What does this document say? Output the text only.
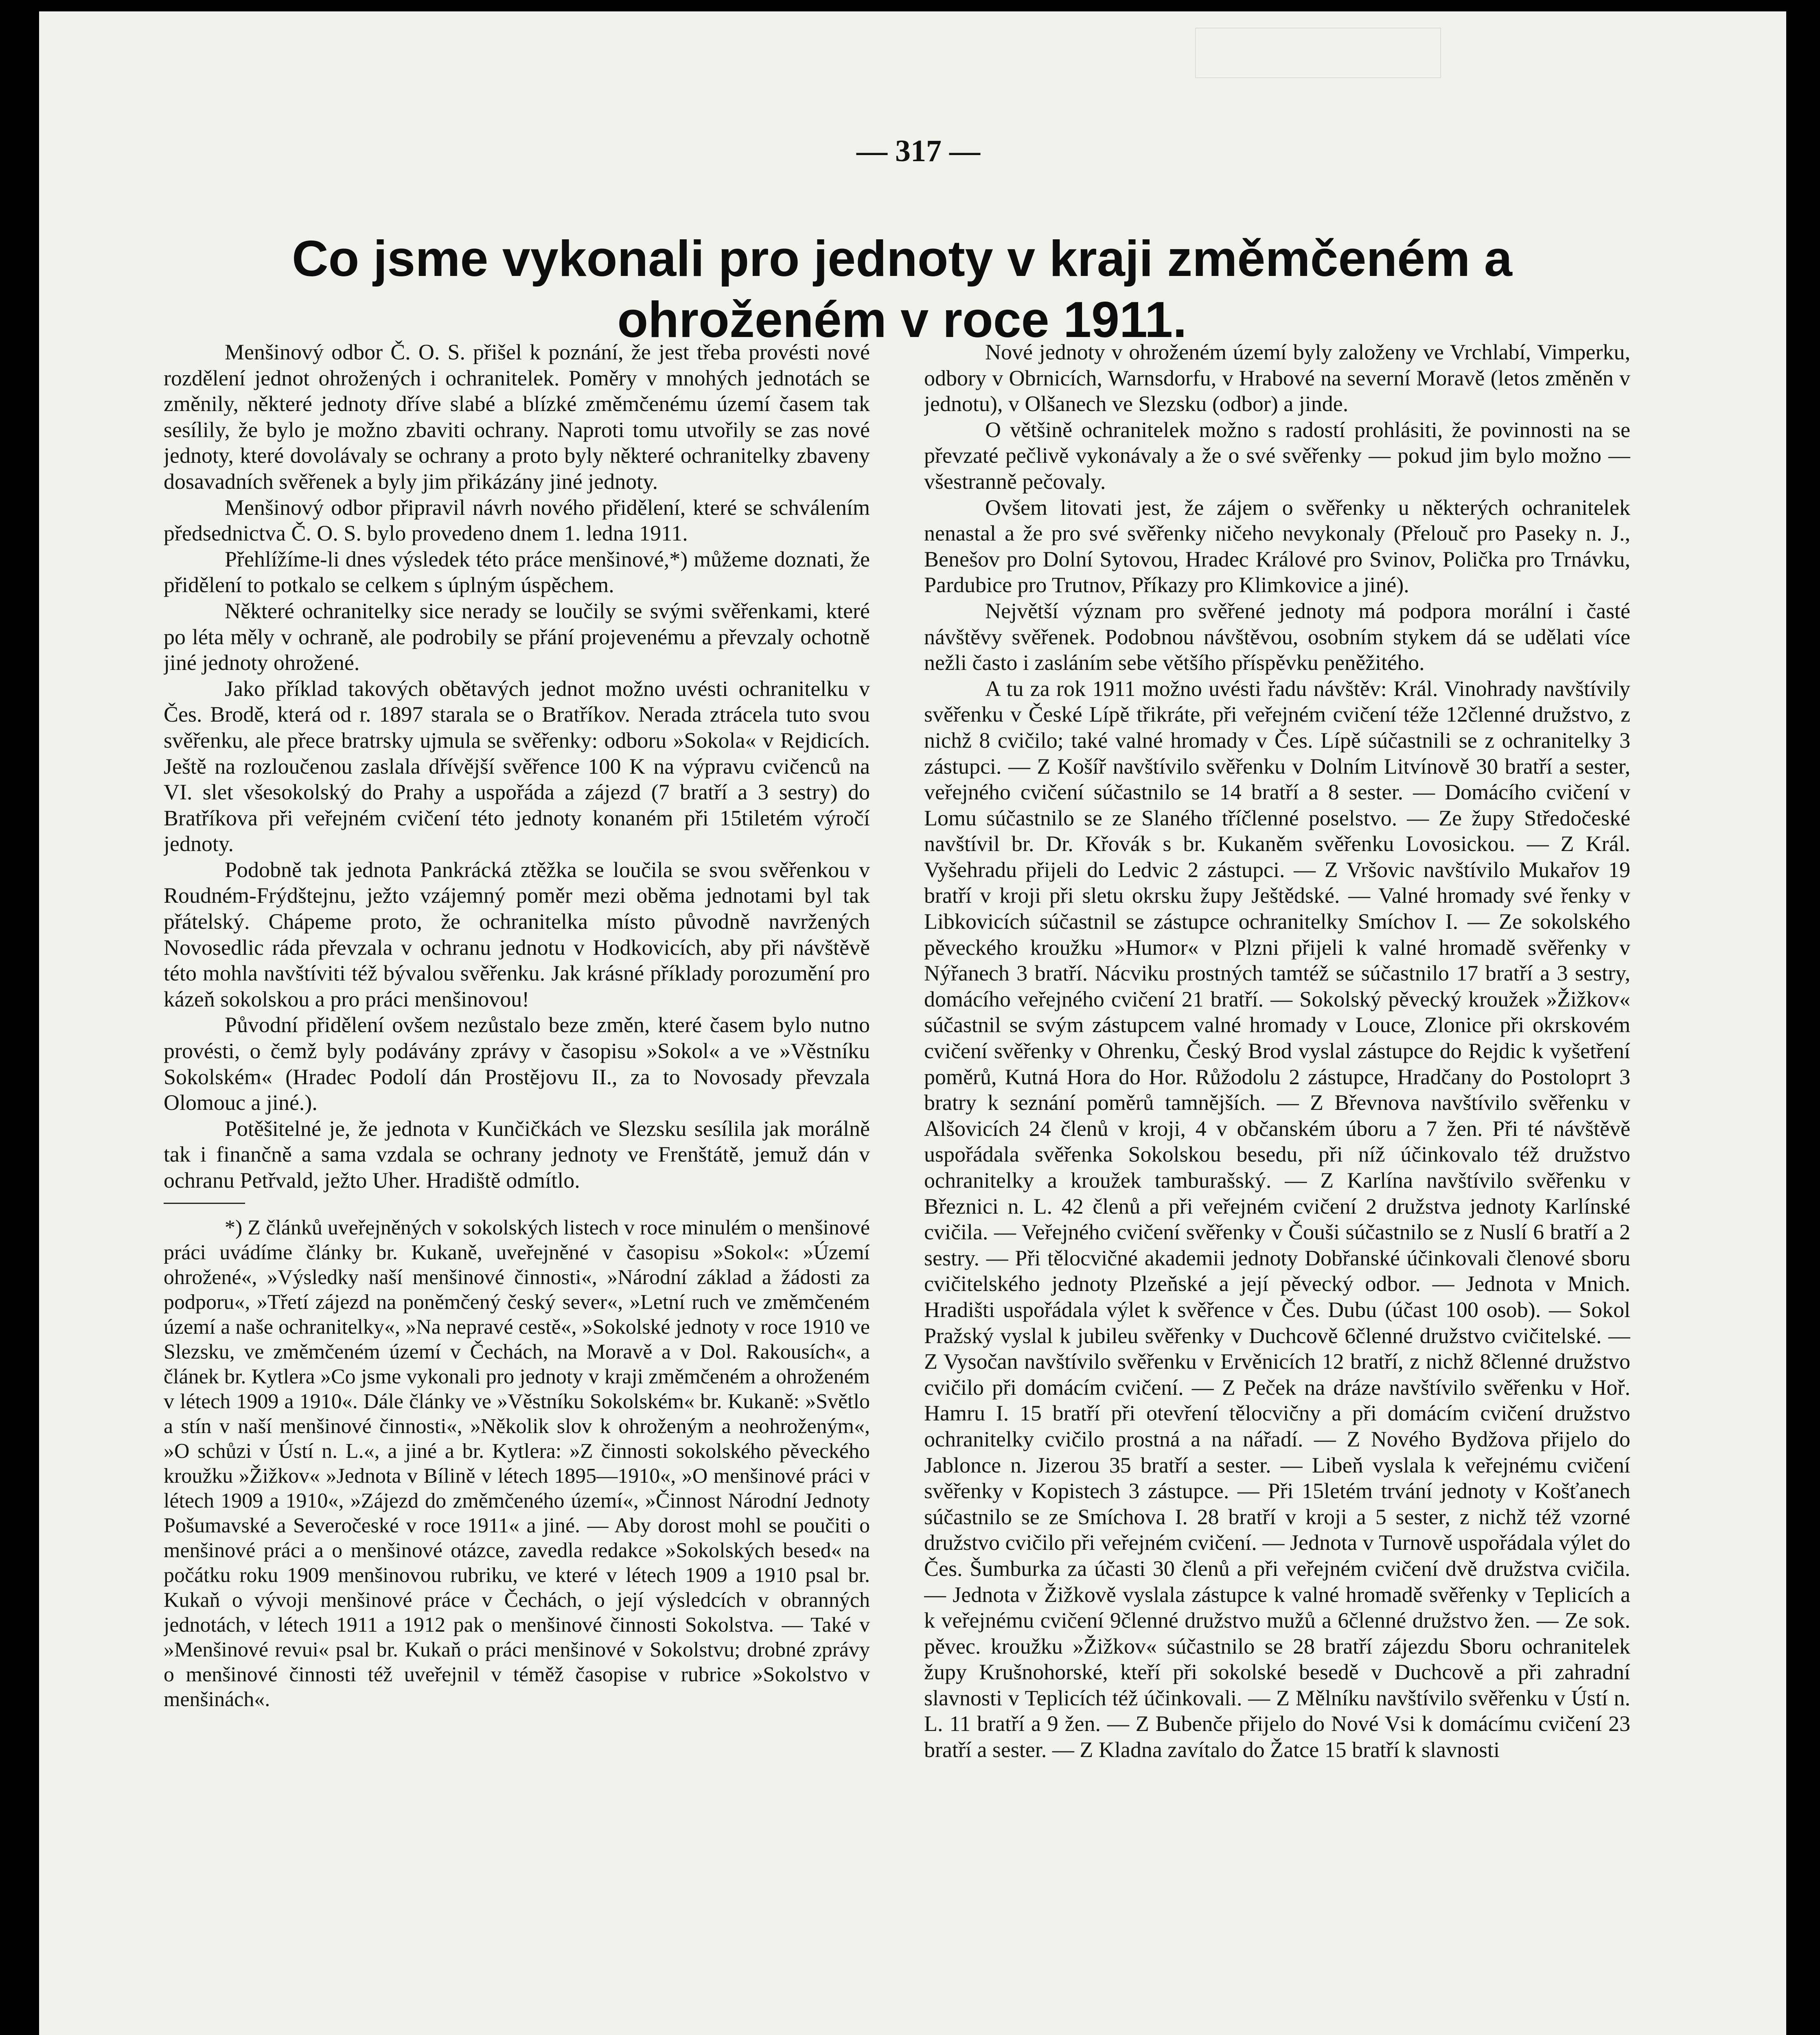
— 317 —
Co jsme vykonali pro jednoty v kraji změmčeném a ohroženém v roce 1911.

Menšinový odbor Č. O. S. přišel k poznání, že jest třeba provésti nové rozdělení jednot ohrožených i ochranitelek. Poměry v mnohých jednotách se změnily, některé jednoty dříve slabé a blízké změmčenému území časem tak sesílily, že bylo je možno zbaviti ochrany. Naproti tomu utvořily se zas nové jednoty, které dovolávaly se ochrany a proto byly některé ochranitelky zbaveny dosavadních svěřenek a byly jim přikázány jiné jednoty.

Menšinový odbor připravil návrh nového přidělení, které se schválením předsednictva Č. O. S. bylo provedeno dnem 1. ledna 1911.

Přehlížíme-li dnes výsledek této práce menšinové,*) můžeme doznati, že přidělení to potkalo se celkem s úplným úspěchem.

Některé ochranitelky sice nerady se loučily se svými svěřenkami, které po léta měly v ochraně, ale podrobily se přání projevenému a převzaly ochotně jiné jednoty ohrožené.

Jako příklad takových obětavých jednot možno uvésti ochranitelku v Čes. Brodě, která od r. 1897 starala se o Bratříkov. Nerada ztrácela tuto svou svěřenku, ale přece bratrsky ujmula se svěřenky: odboru »Sokola« v Rejdicích. Ještě na rozloučenou zaslala dřívější svěřence 100 K na výpravu cvičenců na VI. slet všesokolský do Prahy a uspořáda a zájezd (7 bratří a 3 sestry) do Bratříkova při veřejném cvičení této jednoty konaném při 15tiletém výročí jednoty.

Podobně tak jednota Pankrácká ztěžka se loučila se svou svěřenkou v Roudném-Frýdštejnu, ježto vzájemný poměr mezi oběma jednotami byl tak přátelský. Chápeme proto, že ochranitelka místo původně navržených Novosedlic ráda převzala v ochranu jednotu v Hodkovicích, aby při návštěvě této mohla navštíviti též bývalou svěřenku. Jak krásné příklady porozumění pro kázeň sokolskou a pro práci menšinovou!

Původní přidělení ovšem nezůstalo beze změn, které časem bylo nutno provésti, o čemž byly podávány zprávy v časopisu »Sokol« a ve »Věstníku Sokolském« (Hradec Podolí dán Prostějovu II., za to Novosady převzala Olomouc a jiné.).

Potěšitelné je, že jednota v Kunčičkách ve Slezsku sesílila jak morálně tak i finančně a sama vzdala se ochrany jednoty ve Frenštátě, jemuž dán v ochranu Petřvald, ježto Uher. Hradiště odmítlo.

*) Z článků uveřejněných v sokolských listech v roce minulém o menšinové práci uvádíme články br. Kukaně, uveřejněné v časopisu »Sokol«: »Území ohrožené«, »Výsledky naší menšinové činnosti«, »Národní základ a žádosti za podporu«, »Třetí zájezd na poněmčený český sever«, »Letní ruch ve změmčeném území a naše ochranitelky«, »Na nepravé cestě«, »Sokolské jednoty v roce 1910 ve Slezsku, ve změmčeném území v Čechách, na Moravě a v Dol. Rakousích«, a článek br. Kytlera »Co jsme vykonali pro jednoty v kraji změmčeném a ohroženém v létech 1909 a 1910«. Dále články ve »Věstníku Sokolském« br. Kukaně: »Světlo a stín v naší menšinové činnosti«, »Několik slov k ohroženým a neohroženým«, »O schůzi v Ústí n. L.«, a jiné a br. Kytlera: »Z činnosti sokolského pěveckého kroužku »Žižkov« »Jednota v Bílině v létech 1895—1910«, »O menšinové práci v létech 1909 a 1910«, »Zájezd do změmčeného území«, »Činnost Národní Jednoty Pošumavské a Severočeské v roce 1911« a jiné. — Aby dorost mohl se poučiti o menšinové práci a o menšinové otázce, zavedla redakce »Sokolských besed« na počátku roku 1909 menšinovou rubriku, ve které v létech 1909 a 1910 psal br. Kukaň o vývoji menšinové práce v Čechách, o její výsledcích v obranných jednotách, v létech 1911 a 1912 pak o menšinové činnosti Sokolstva. — Také v »Menšinové revui« psal br. Kukaň o práci menšinové v Sokolstvu; drobné zprávy o menšinové činnosti též uveřejnil v téměž časopise v rubrice »Sokolstvo v menšinách«.

Nové jednoty v ohroženém území byly založeny ve Vrchlabí, Vimperku, odbory v Obrnicích, Warnsdorfu, v Hrabové na severní Moravě (letos změněn v jednotu), v Olšanech ve Slezsku (odbor) a jinde.

O většině ochranitelek možno s radostí prohlásiti, že povinnosti na se převzaté pečlivě vykonávaly a že o své svěřenky — pokud jim bylo možno — všestranně pečovaly.

Ovšem litovati jest, že zájem o svěřenky u některých ochranitelek nenastal a že pro své svěřenky ničeho nevykonaly (Přelouč pro Paseky n. J., Benešov pro Dolní Sytovou, Hradec Králové pro Svinov, Polička pro Trnávku, Pardubice pro Trutnov, Příkazy pro Klimkovice a jiné).

Největší význam pro svěřené jednoty má podpora morální i časté návštěvy svěřenek. Podobnou návštěvou, osobním stykem dá se udělati více nežli často i zasláním sebe většího příspěvku peněžitého.

A tu za rok 1911 možno uvésti řadu návštěv: Král. Vinohrady navštívily svěřenku v České Lípě třikráte, při veřejném cvičení téže 12členné družstvo, z nichž 8 cvičilo; také valné hromady v Čes. Lípě súčastnili se z ochranitelky 3 zástupci. — Z Košíř navštívilo svěřenku v Dolním Litvínově 30 bratří a sester, veřejného cvičení súčastnilo se 14 bratří a 8 sester. — Domácího cvičení v Lomu súčastnilo se ze Slaného tříčlenné poselstvo. — Ze župy Středočeské navštívil br. Dr. Křovák s br. Kukaněm svěřenku Lovosickou. — Z Král. Vyšehradu přijeli do Ledvic 2 zástupci. — Z Vršovic navštívilo Mukařov 19 bratří v kroji při sletu okrsku župy Ještědské. — Valné hromady své řenky v Libkovicích súčastnil se zástupce ochranitelky Smíchov I. — Ze sokolského pěveckého kroužku »Humor« v Plzni přijeli k valné hromadě svěřenky v Nýřanech 3 bratří. Nácviku prostných tamtéž se súčastnilo 17 bratří a 3 sestry, domácího veřejného cvičení 21 bratří. — Sokolský pěvecký kroužek »Žižkov« súčastnil se svým zástupcem valné hromady v Louce, Zlonice při okrskovém cvičení svěřenky v Ohrenku, Český Brod vyslal zástupce do Rejdic k vyšetření poměrů, Kutná Hora do Hor. Růžodolu 2 zástupce, Hradčany do Postoloprt 3 bratry k seznání poměrů tamnějších. — Z Břevnova navštívilo svěřenku v Alšovicích 24 členů v kroji, 4 v občanském úboru a 7 žen. Při té návštěvě uspořádala svěřenka Sokolskou besedu, při níž účinkovalo též družstvo ochranitelky a kroužek tamburašský. — Z Karlína navštívilo svěřenku v Březnici n. L. 42 členů a při veřejném cvičení 2 družstva jednoty Karlínské cvičila. — Veřejného cvičení svěřenky v Čouši súčastnilo se z Nuslí 6 bratří a 2 sestry. — Při tělocvičné akademii jednoty Dobřanské účinkovali členové sboru cvičitelského jednoty Plzeňské a její pěvecký odbor. — Jednota v Mnich. Hradišti uspořádala výlet k svěřence v Čes. Dubu (účast 100 osob). — Sokol Pražský vyslal k jubileu svěřenky v Duchcově 6členné družstvo cvičitelské. — Z Vysočan navštívilo svěřenku v Ervěnicích 12 bratří, z nichž 8členné družstvo cvičilo při domácím cvičení. — Z Peček na dráze navštívilo svěřenku v Hoř. Hamru I. 15 bratří při otevření tělocvičny a při domácím cvičení družstvo ochranitelky cvičilo prostná a na nářadí. — Z Nového Bydžova přijelo do Jablonce n. Jizerou 35 bratří a sester. — Libeň vyslala k veřejnému cvičení svěřenky v Kopistech 3 zástupce. — Při 15letém trvání jednoty v Košťanech súčastnilo se ze Smíchova I. 28 bratří v kroji a 5 sester, z nichž též vzorné družstvo cvičilo při veřejném cvičení. — Jednota v Turnově uspořádala výlet do Čes. Šumburka za účasti 30 členů a při veřejném cvičení dvě družstva cvičila. — Jednota v Žižkově vyslala zástupce k valné hromadě svěřenky v Teplicích a k veřejnému cvičení 9členné družstvo mužů a 6členné družstvo žen. — Ze sok. pěvec. kroužku »Žižkov« súčastnilo se 28 bratří zájezdu Sboru ochranitelek župy Krušnohorské, kteří při sokolské besedě v Duchcově a při zahradní slavnosti v Teplicích též účinkovali. — Z Mělníku navštívilo svěřenku v Ústí n. L. 11 bratří a 9 žen. — Z Bubenče přijelo do Nové Vsi k domácímu cvičení 23 bratří a sester. — Z Kladna zavítalo do Žatce 15 bratří k slavnosti
